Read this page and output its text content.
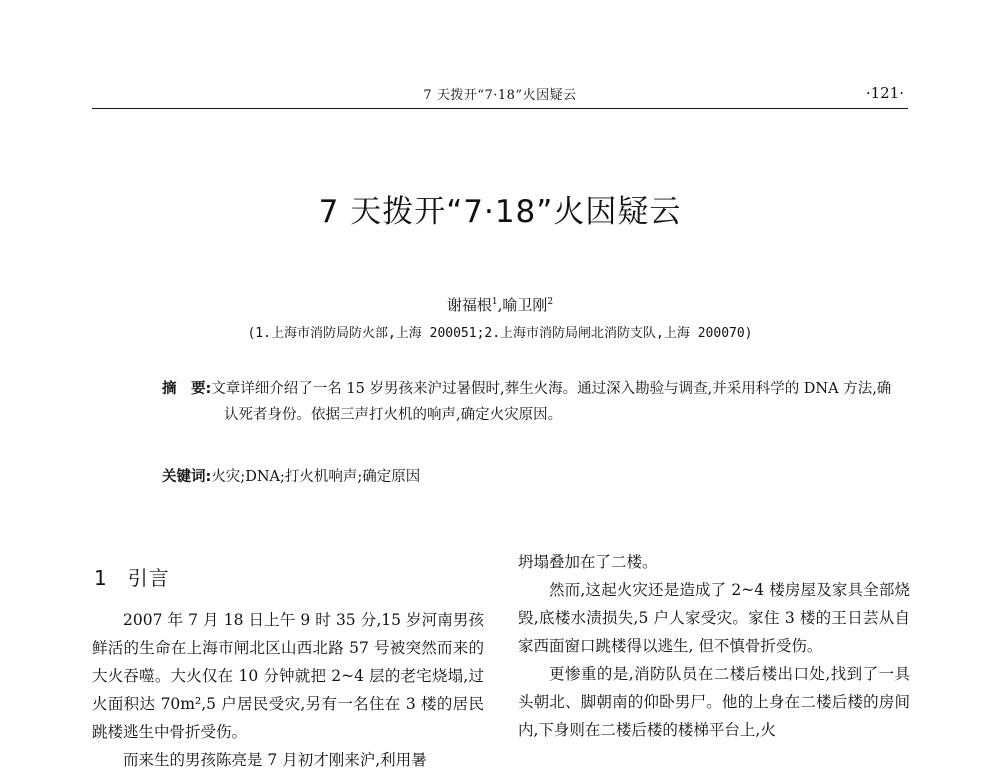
7 天拨开“7·18”火因疑云	·121·
7 天拨开“7·18”火因疑云
谢福根$^1$,喻卫刚$^2$
(1.上海市消防局防火部,上海 200051;2.上海市消防局闸北消防支队,上海 200070)
摘　要:文章详细介绍了一名 15 岁男孩来沪过暑假时,葬生火海。通过深入勘验与调查,并采用科学的 DNA 方法,确认死者身份。依据三声打火机的响声,确定火灾原因。
关键词:火灾;DNA;打火机响声;确定原因
1 引言

2007 年 7 月 18 日上午 9 时 35 分,15 岁河南男孩鲜活的生命在上海市闸北区山西北路 57 号被突然而来的大火吞噬。大火仅在 10 分钟就把 2~4 层的老宅烧塌,过火面积达 70m²,5 户居民受灾,另有一名住在 3 楼的居民跳楼逃生中骨折受伤。

而来生的男孩陈亮是 7 月初才刚来沪,利用暑

坍塌叠加在了二楼。

然而,这起火灾还是造成了 2~4 楼房屋及家具全部烧毁,底楼水渍损失,5 户人家受灾。家住 3 楼的王日芸从自家西面窗口跳楼得以逃生, 但不慎骨折受伤。

更惨重的是,消防队员在二楼后楼出口处,找到了一具头朝北、脚朝南的仰卧男尸。他的上身在二楼后楼的房间内,下身则在二楼后楼的楼梯平台上,火
